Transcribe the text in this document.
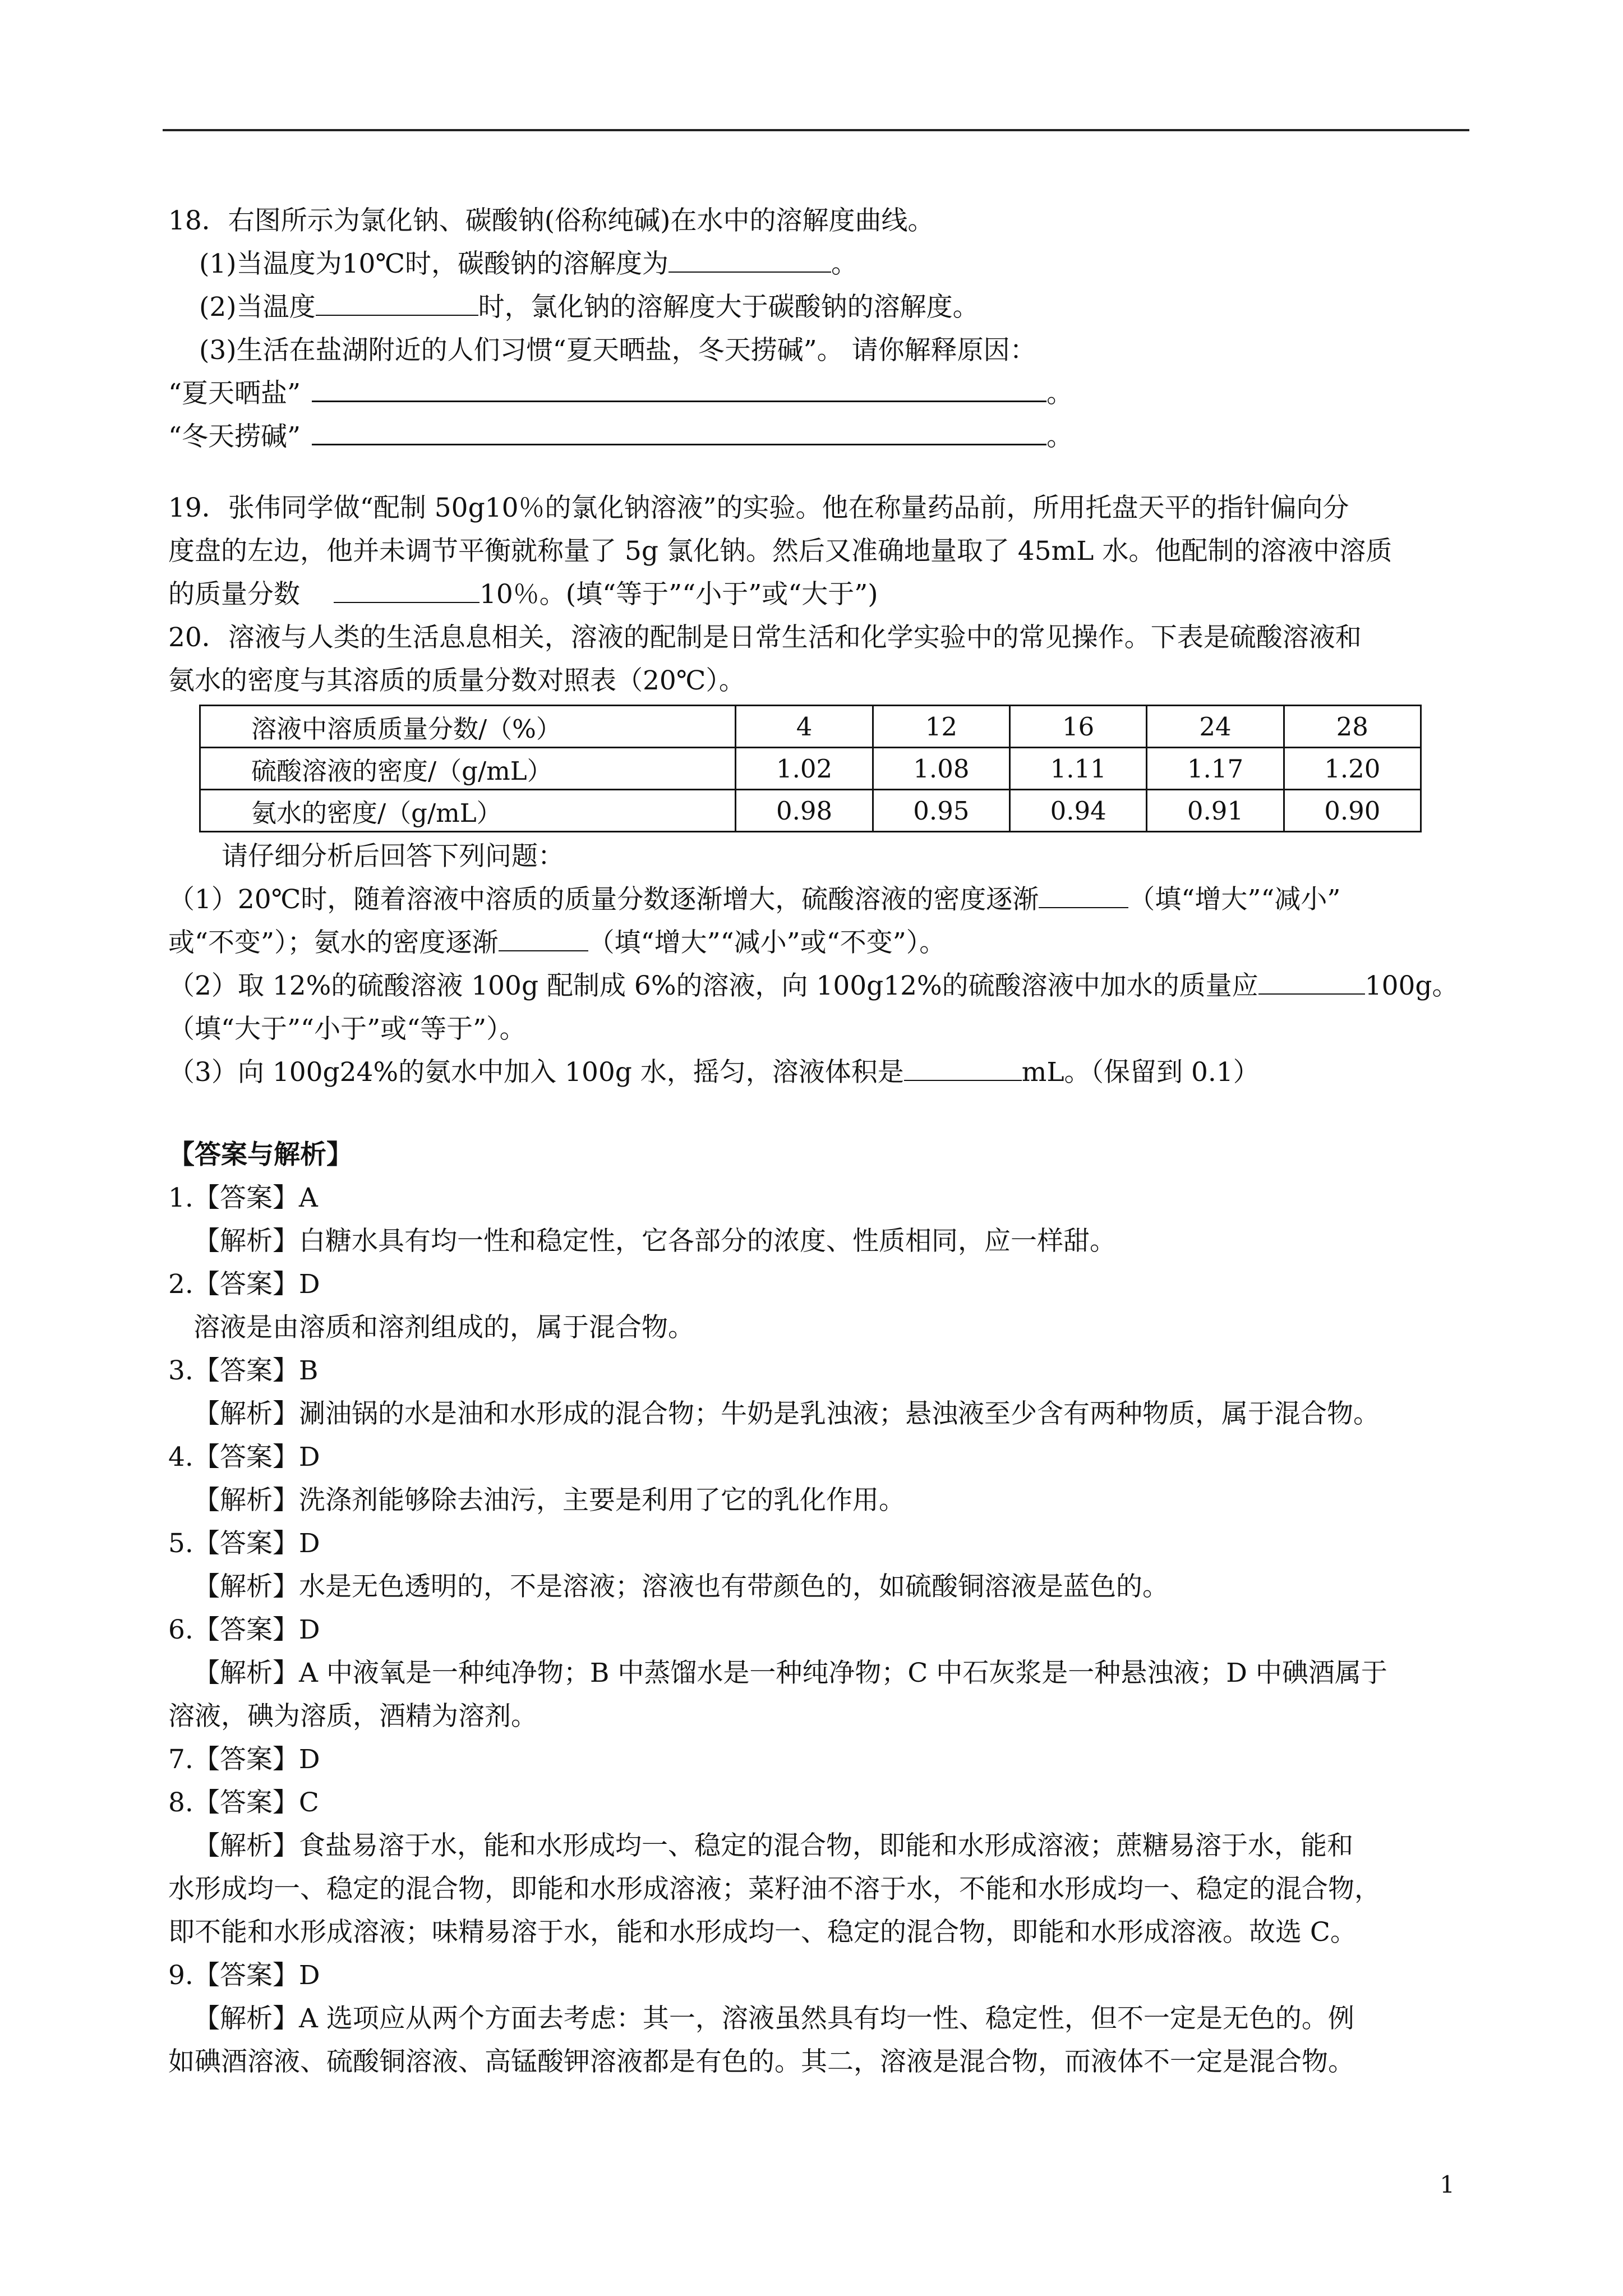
18．右图所示为氯化钠、碳酸钠(俗称纯碱)在水中的溶解度曲线。
(1)当温度为10℃时，碳酸钠的溶解度为	。
(2)当温度	时，氯化钠的溶解度大于碳酸钠的溶解度。
(3)生活在盐湖附近的人们习惯“夏天晒盐，冬天捞碱”。 请你解释原因：
“夏天晒盐”	。
“冬天捞碱”	。
19．张伟同学做“配制 50g10％的氯化钠溶液”的实验。他在称量药品前，所用托盘天平的指针偏向分
度盘的左边，他并未调节平衡就称量了 5g 氯化钠。然后又准确地量取了 45mL 水。他配制的溶液中溶质
的质量分数	10％。(填“等于”“小于”或“大于”)
20．溶液与人类的生活息息相关，溶液的配制是日常生活和化学实验中的常见操作。下表是硫酸溶液和
氨水的密度与其溶质的质量分数对照表（20℃）。
溶液中溶质质量分数/（%）	4	12	16	24	28
硫酸溶液的密度/（g/mL）	1.02	1.08	1.11	1.17	1.20
氨水的密度/（g/mL）	0.98	0.95	0.94	0.91	0.90
请仔细分析后回答下列问题：
（1）20℃时，随着溶液中溶质的质量分数逐渐增大，硫酸溶液的密度逐渐	（填“增大”“减小”
或“不变”）；氨水的密度逐渐	（填“增大”“减小”或“不变”）。
（2）取 12%的硫酸溶液 100g 配制成 6%的溶液，向 100g12%的硫酸溶液中加水的质量应	100g。
（填“大于”“小于”或“等于”）。
（3）向 100g24%的氨水中加入 100g 水，摇匀，溶液体积是	mL。（保留到 0.1）
【答案与解析】
1.【答案】A
【解析】白糖水具有均一性和稳定性，它各部分的浓度、性质相同，应一样甜。
2.【答案】D
溶液是由溶质和溶剂组成的，属于混合物。
3.【答案】B
【解析】涮油锅的水是油和水形成的混合物；牛奶是乳浊液；悬浊液至少含有两种物质，属于混合物。
4.【答案】D
【解析】洗涤剂能够除去油污，主要是利用了它的乳化作用。
5.【答案】D
【解析】水是无色透明的，不是溶液；溶液也有带颜色的，如硫酸铜溶液是蓝色的。
6.【答案】D
【解析】A 中液氧是一种纯净物；B 中蒸馏水是一种纯净物；C 中石灰浆是一种悬浊液；D 中碘酒属于
溶液，碘为溶质，酒精为溶剂。
7.【答案】D
8.【答案】C
【解析】食盐易溶于水，能和水形成均一、稳定的混合物，即能和水形成溶液；蔗糖易溶于水，能和
水形成均一、稳定的混合物，即能和水形成溶液；菜籽油不溶于水，不能和水形成均一、稳定的混合物，
即不能和水形成溶液；味精易溶于水，能和水形成均一、稳定的混合物，即能和水形成溶液。故选 C。
9.【答案】D
【解析】A 选项应从两个方面去考虑：其一，溶液虽然具有均一性、稳定性，但不一定是无色的。例
如碘酒溶液、硫酸铜溶液、高锰酸钾溶液都是有色的。其二，溶液是混合物，而液体不一定是混合物。
1
